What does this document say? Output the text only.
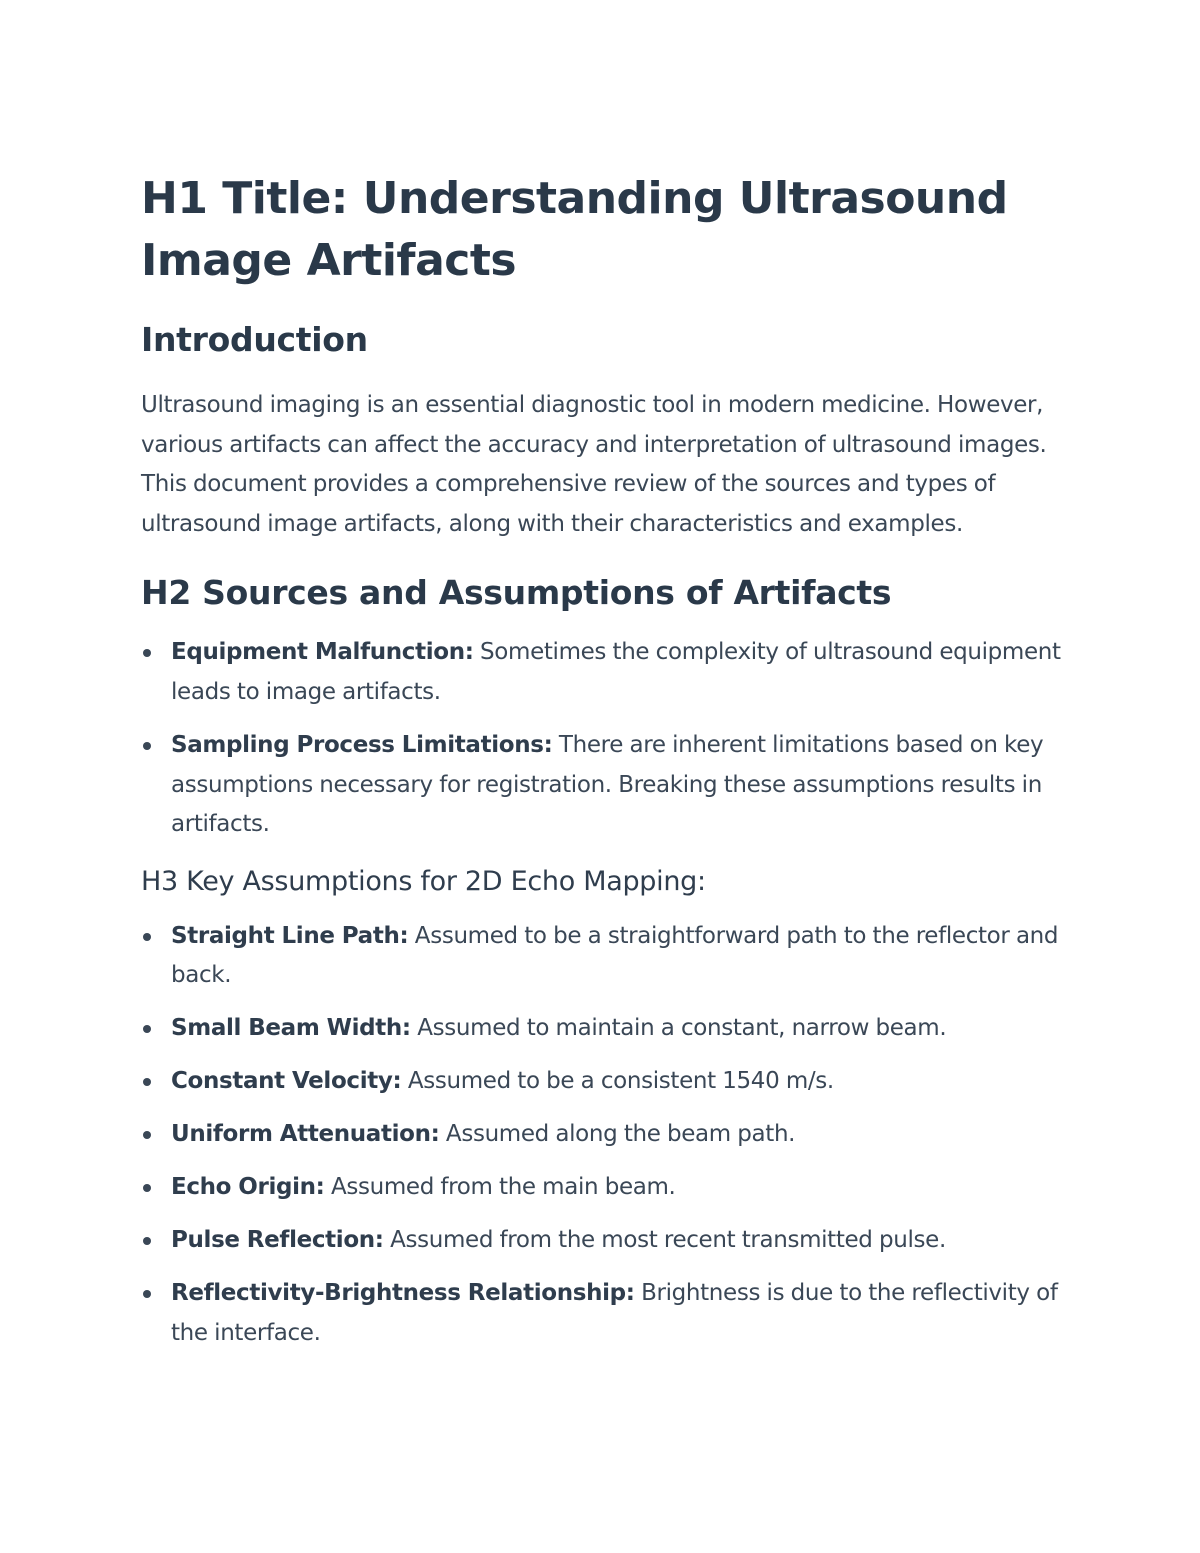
H1 Title: Understanding Ultrasound Image Artifacts
Introduction

Ultrasound imaging is an essential diagnostic tool in modern medicine. However, various artifacts can affect the accuracy and interpretation of ultrasound images. This document provides a comprehensive review of the sources and types of ultrasound image artifacts, along with their characteristics and examples.

H2 Sources and Assumptions of Artifacts
Equipment Malfunction: Sometimes the complexity of ultrasound equipment leads to image artifacts.
Sampling Process Limitations: There are inherent limitations based on key assumptions necessary for registration. Breaking these assumptions results in artifacts.
H3 Key Assumptions for 2D Echo Mapping:
Straight Line Path: Assumed to be a straightforward path to the reflector and back.
Small Beam Width: Assumed to maintain a constant, narrow beam.
Constant Velocity: Assumed to be a consistent 1540 m/s.
Uniform Attenuation: Assumed along the beam path.
Echo Origin: Assumed from the main beam.
Pulse Reflection: Assumed from the most recent transmitted pulse.
Reflectivity-Brightness Relationship: Brightness is due to the reflectivity of the interface.
